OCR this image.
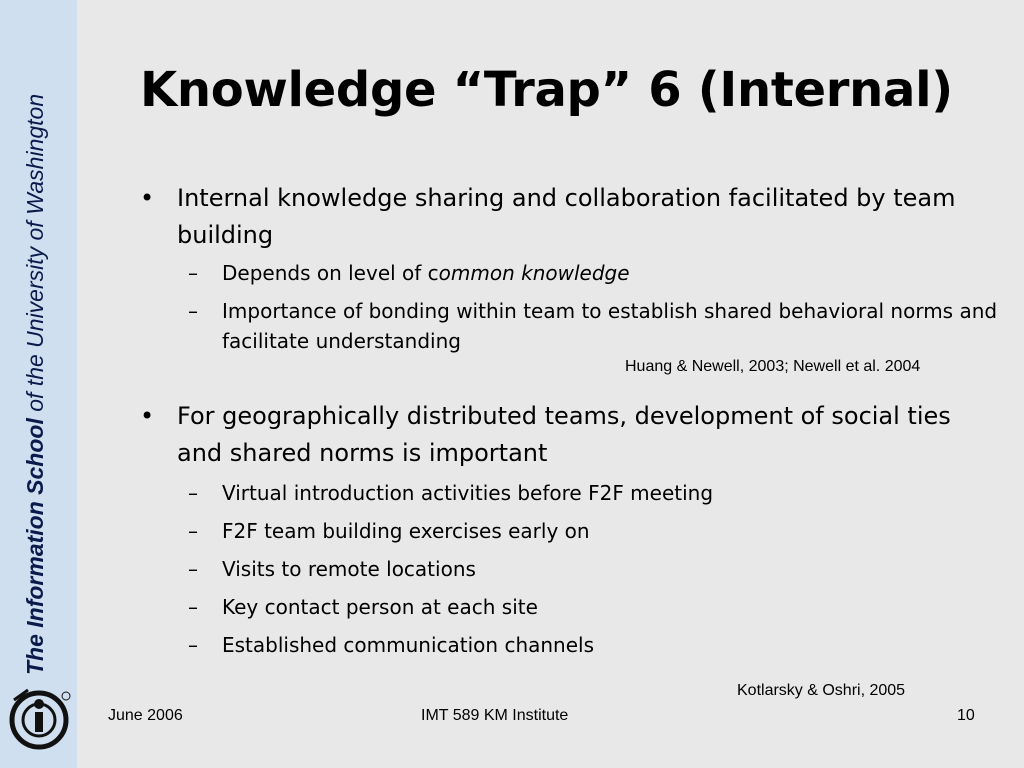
The Information School of the University of Washington
Knowledge “Trap” 6 (Internal)
• Internal knowledge sharing and collaboration facilitated by team building
– Depends on level of common knowledge
– Importance of bonding within team to establish shared behavioral norms and facilitate understanding
• For geographically distributed teams, development of social ties and shared norms is important
– Virtual introduction activities before F2F meeting
– F2F team building exercises early on
– Visits to remote locations
– Key contact person at each site
– Established communication channels
Huang & Newell, 2003; Newell et al. 2004
Kotlarsky & Oshri, 2005
June 2006	IMT 589 KM Institute	10
